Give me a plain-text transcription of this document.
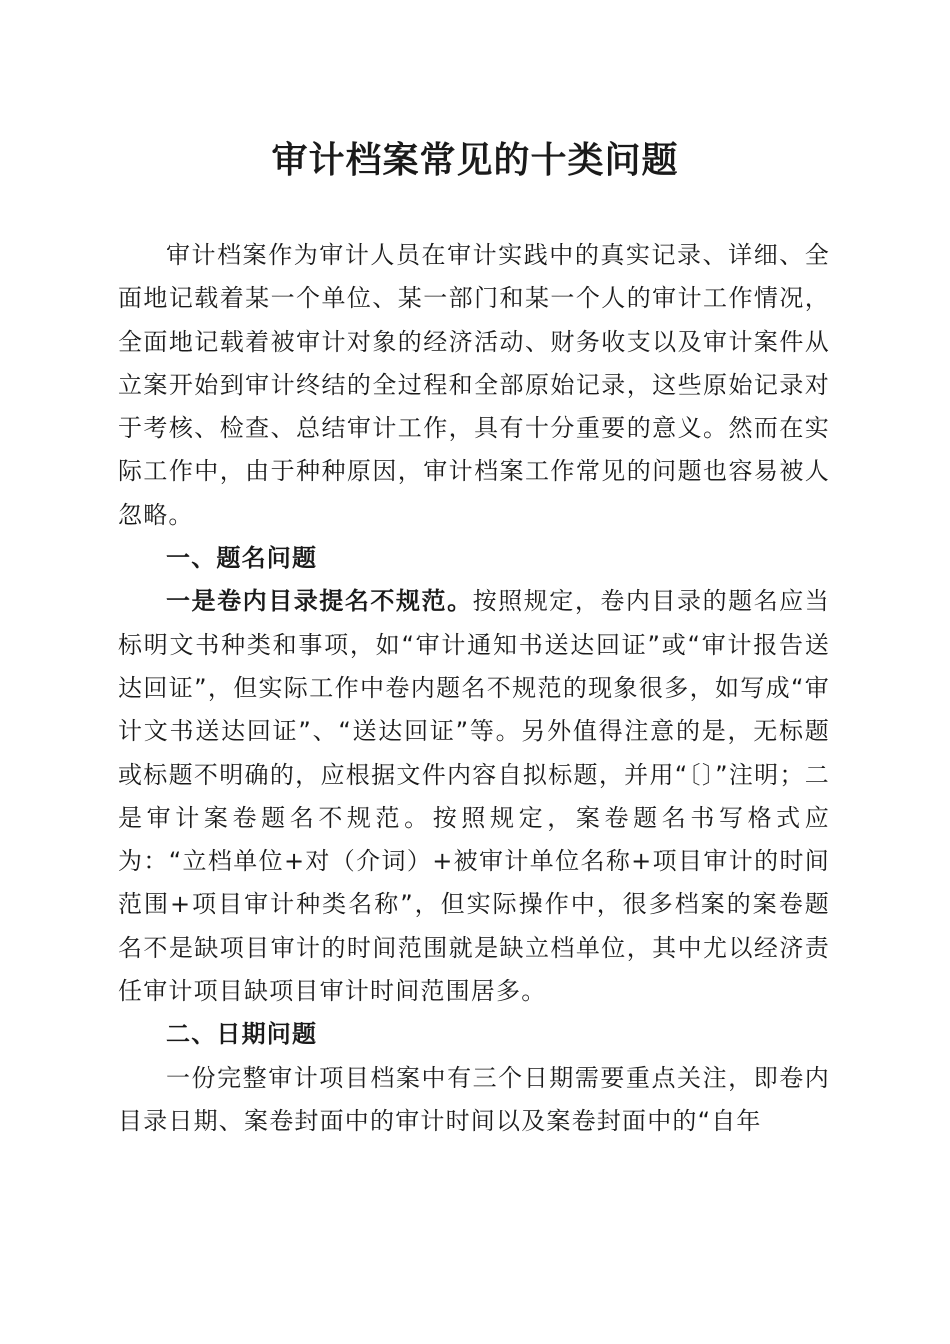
审计档案常见的十类问题

审计档案作为审计人员在审计实践中的真实记录、详细、全面地记载着某一个单位、某一部门和某一个人的审计工作情况，全面地记载着被审计对象的经济活动、财务收支以及审计案件从立案开始到审计终结的全过程和全部原始记录，这些原始记录对于考核、检查、总结审计工作，具有十分重要的意义。然而在实际工作中，由于种种原因，审计档案工作常见的问题也容易被人忽略。

一、题名问题

一是卷内目录提名不规范。按照规定，卷内目录的题名应当标明文书种类和事项，如“审计通知书送达回证”或“审计报告送达回证”，但实际工作中卷内题名不规范的现象很多，如写成“审计文书送达回证”、“送达回证”等。另外值得注意的是，无标题或标题不明确的，应根据文件内容自拟标题，并用“〔〕”注明；二是审计案卷题名不规范。按照规定，案卷题名书写格式应为：“立档单位+对（介词）+被审计单位名称+项目审计的时间范围+项目审计种类名称”，但实际操作中，很多档案的案卷题名不是缺项目审计的时间范围就是缺立档单位，其中尤以经济责任审计项目缺项目审计时间范围居多。

二、日期问题

一份完整审计项目档案中有三个日期需要重点关注，即卷内目录日期、案卷封面中的审计时间以及案卷封面中的“自年
